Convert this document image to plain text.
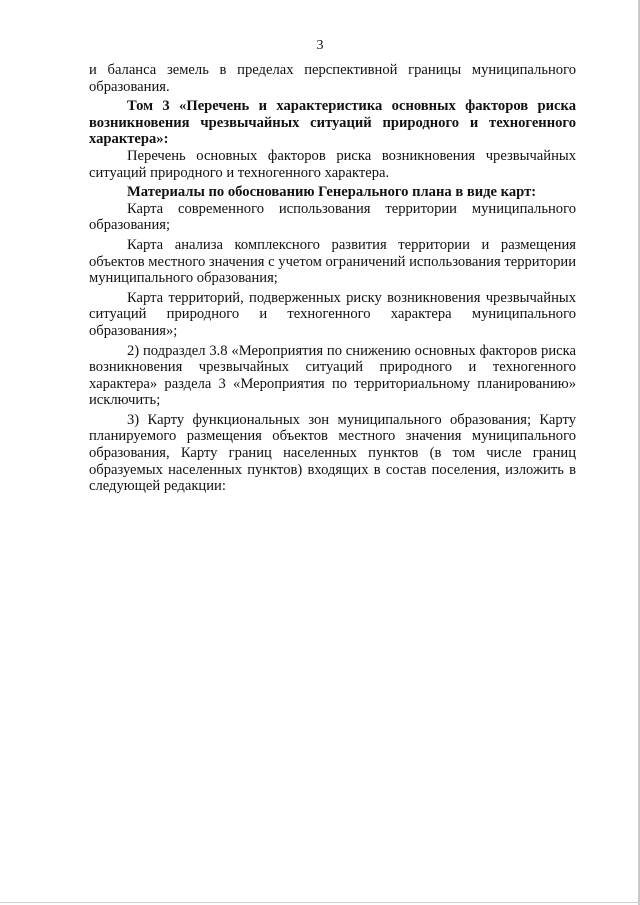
3

и баланса земель в пределах перспективной границы муниципального образования.

Том 3 «Перечень и характеристика основных факторов риска возникновения чрезвычайных ситуаций природного и техногенного характера»:

Перечень основных факторов риска возникновения чрезвычайных ситуаций природного и техногенного характера.

Материалы по обоснованию Генерального плана в виде карт:

Карта современного использования территории муниципального образования;

Карта анализа комплексного развития территории и размещения объектов местного значения с учетом ограничений использования территории муниципального образования;

Карта территорий, подверженных риску возникновения чрезвычайных ситуаций природного и техногенного характера муниципального образования»;

2) подраздел 3.8 «Мероприятия по снижению основных факторов риска возникновения чрезвычайных ситуаций природного и техногенного характера» раздела 3 «Мероприятия по территориальному планированию» исключить;

3) Карту функциональных зон муниципального образования; Карту планируемого размещения объектов местного значения муниципального образования, Карту границ населенных пунктов (в том числе границ образуемых населенных пунктов) входящих в состав поселения, изложить в следующей редакции:
